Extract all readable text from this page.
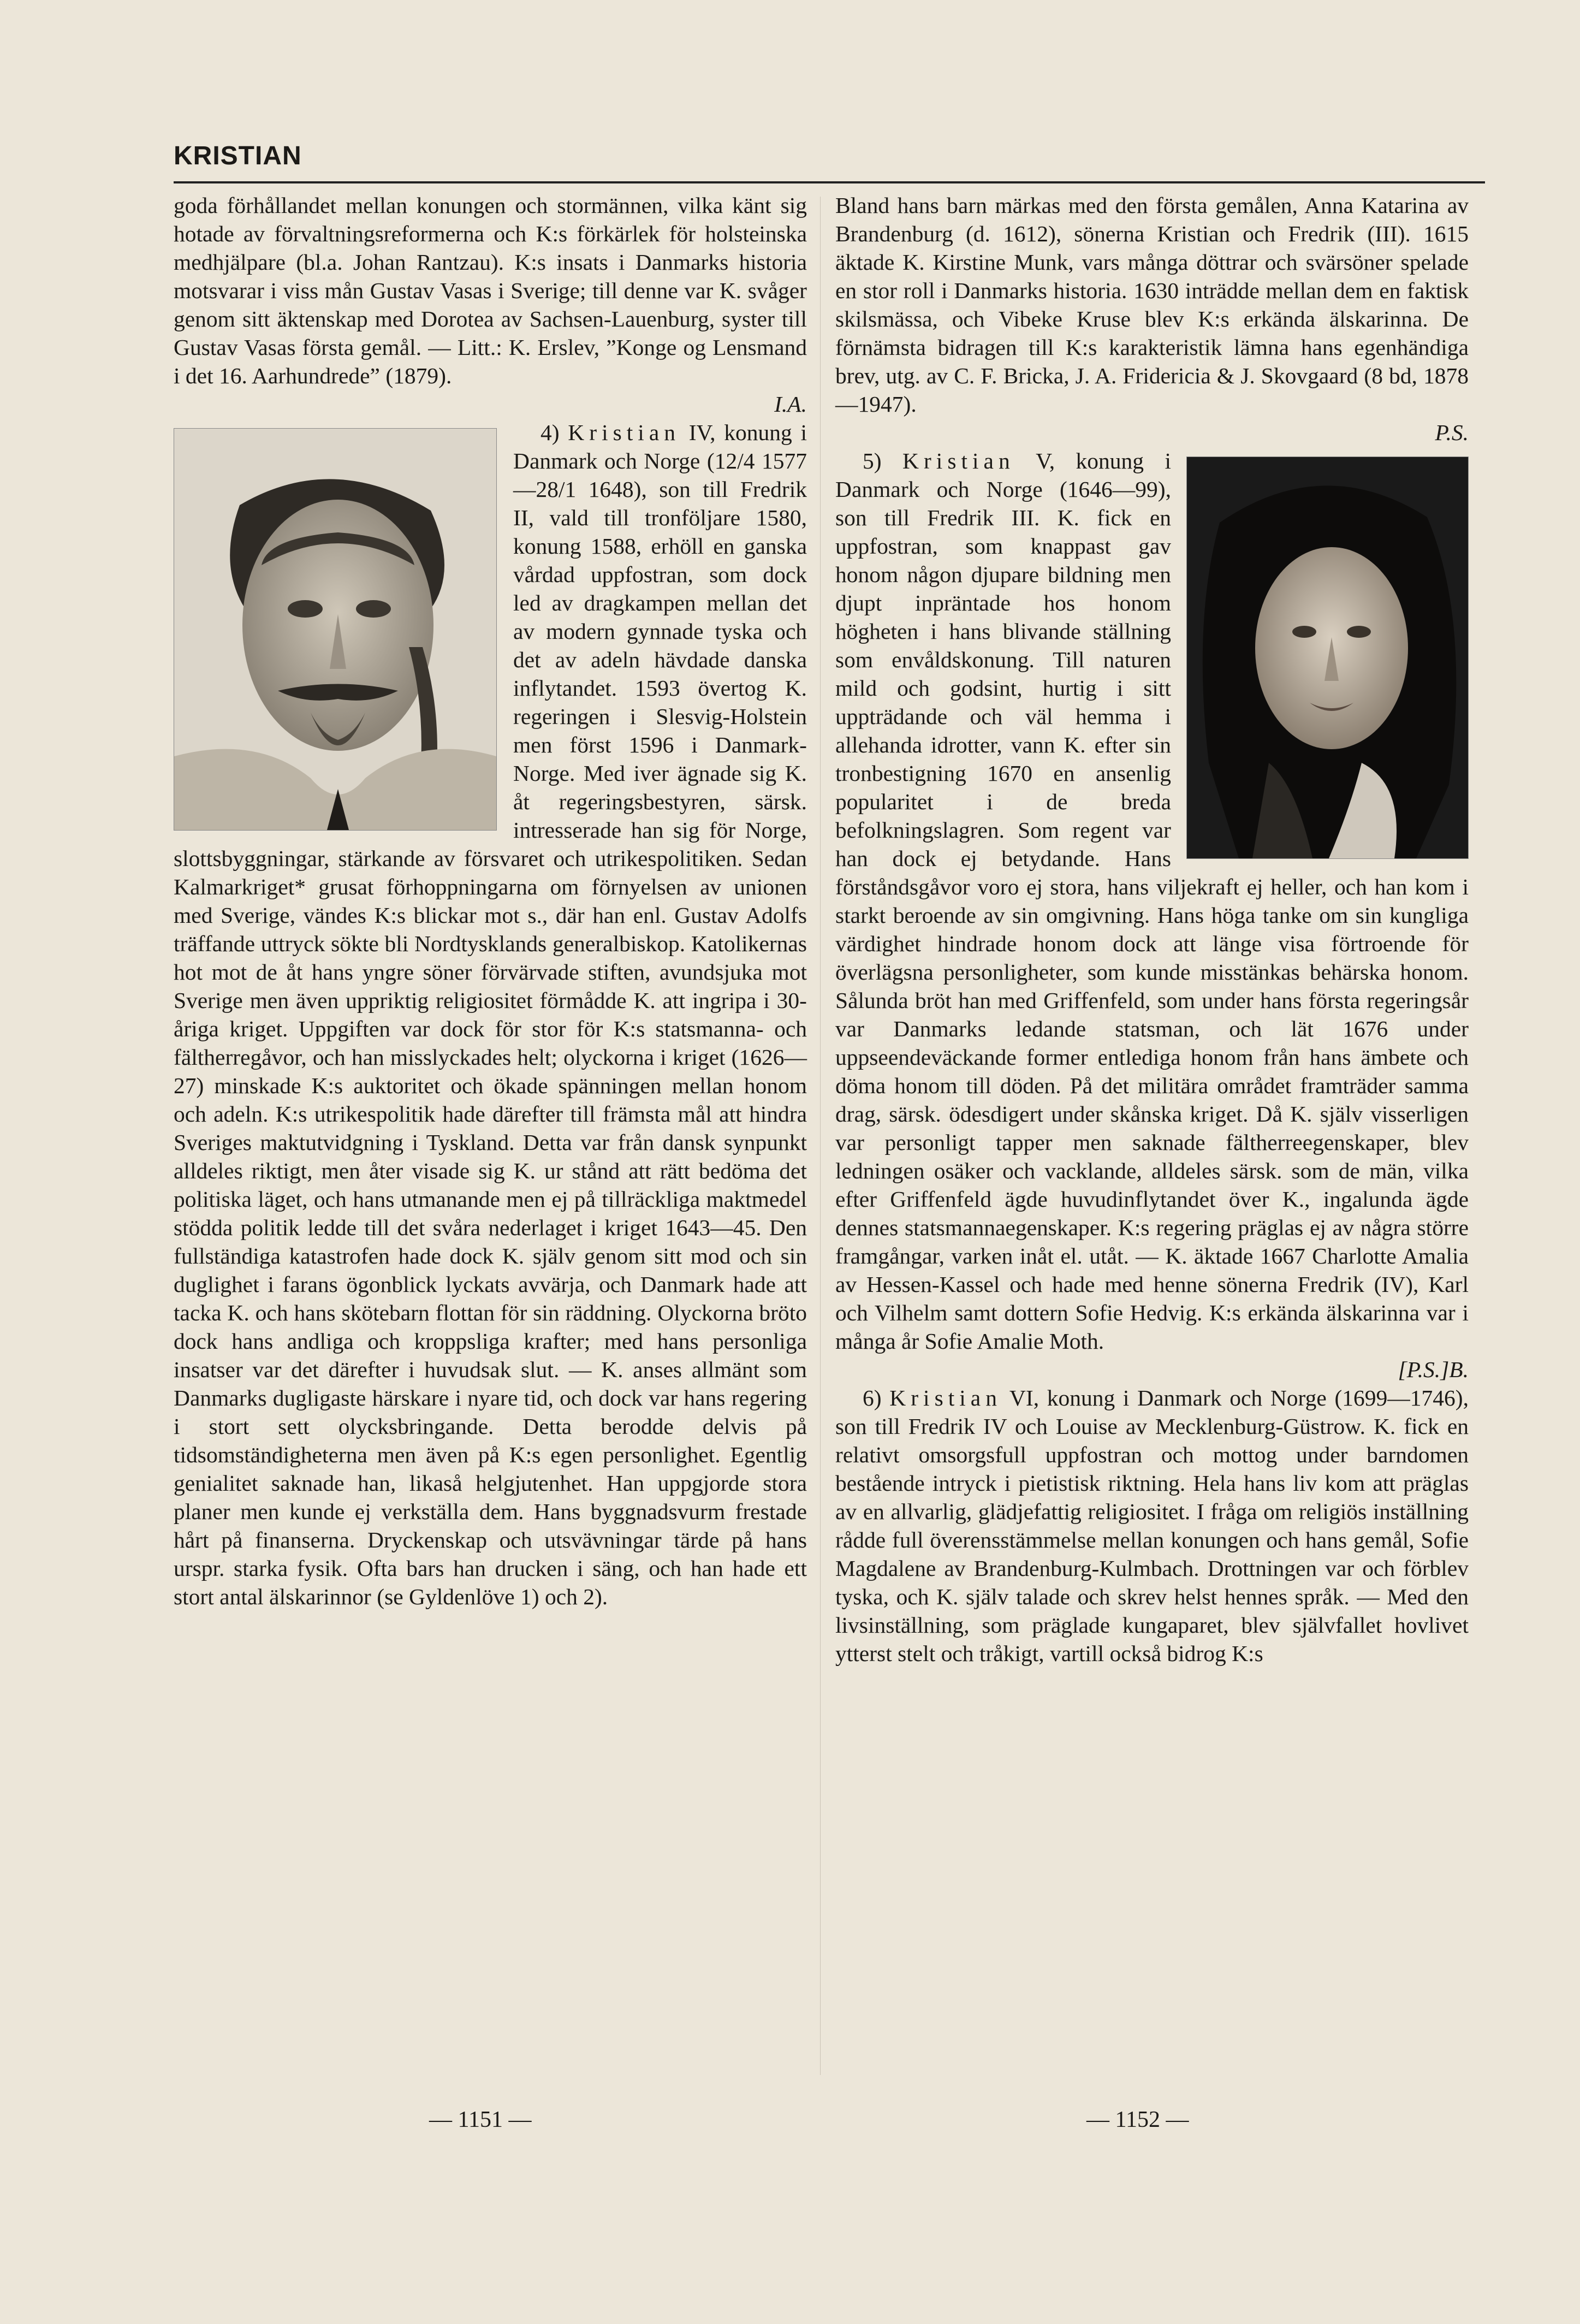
KRISTIAN

goda förhållandet mellan konungen och stormännen, vilka känt sig hotade av förvaltningsreformerna och K:s förkärlek för holsteinska medhjälpare (bl.a. Johan Rantzau). K:s insats i Danmarks historia motsvarar i viss mån Gustav Vasas i Sverige; till denne var K. svåger genom sitt äktenskap med Dorotea av Sachsen-Lauenburg, syster till Gustav Vasas första gemål. — Litt.: K. Erslev, ”Konge og Lensmand i det 16. Aarhundrede” (1879).
I.A.

4) Kristian IV, konung i Danmark och Norge (12/4 1577—28/1 1648), son till Fredrik II, vald till tronföljare 1580, konung 1588, erhöll en ganska vårdad uppfostran, som dock led av dragkampen mellan det av modern gynnade tyska och det av adeln hävdade danska inflytandet. 1593 övertog K. regeringen i Slesvig-Holstein men först 1596 i Danmark-Norge. Med iver ägnade sig K. åt regeringsbestyren, särsk. intresserade han sig för Norge, slottsbyggningar, stärkande av försvaret och utrikespolitiken. Sedan Kalmarkriget* grusat förhoppningarna om förnyelsen av unionen med Sverige, vändes K:s blickar mot s., där han enl. Gustav Adolfs träffande uttryck sökte bli Nordtysklands generalbiskop. Katolikernas hot mot de åt hans yngre söner förvärvade stiften, avundsjuka mot Sverige men även uppriktig religiositet förmådde K. att ingripa i 30-åriga kriget. Uppgiften var dock för stor för K:s statsmanna- och fältherregåvor, och han misslyckades helt; olyckorna i kriget (1626—27) minskade K:s auktoritet och ökade spänningen mellan honom och adeln. K:s utrikespolitik hade därefter till främsta mål att hindra Sveriges maktutvidgning i Tyskland. Detta var från dansk synpunkt alldeles riktigt, men åter visade sig K. ur stånd att rätt bedöma det politiska läget, och hans utmanande men ej på tillräckliga maktmedel stödda politik ledde till det svåra nederlaget i kriget 1643—45. Den fullständiga katastrofen hade dock K. själv genom sitt mod och sin duglighet i farans ögonblick lyckats avvärja, och Danmark hade att tacka K. och hans skötebarn flottan för sin räddning. Olyckorna bröto dock hans andliga och kroppsliga krafter; med hans personliga insatser var det därefter i huvudsak slut. — K. anses allmänt som Danmarks dugligaste härskare i nyare tid, och dock var hans regering i stort sett olycksbringande. Detta berodde delvis på tidsomständigheterna men även på K:s egen personlighet. Egentlig genialitet saknade han, likaså helgjutenhet. Han uppgjorde stora planer men kunde ej verkställa dem. Hans byggnadsvurm frestade hårt på finanserna. Dryckenskap och utsvävningar tärde på hans urspr. starka fysik. Ofta bars han drucken i säng, och han hade ett stort antal älskarinnor (se Gyldenlöve 1) och 2).

Bland hans barn märkas med den första gemålen, Anna Katarina av Brandenburg (d. 1612), sönerna Kristian och Fredrik (III). 1615 äktade K. Kirstine Munk, vars många döttrar och svärsöner spelade en stor roll i Danmarks historia. 1630 inträdde mellan dem en faktisk skilsmässa, och Vibeke Kruse blev K:s erkända älskarinna. De förnämsta bidragen till K:s karakteristik lämna hans egenhändiga brev, utg. av C. F. Bricka, J. A. Fridericia & J. Skovgaard (8 bd, 1878—1947).
P.S.

5) Kristian V, konung i Danmark och Norge (1646—99), son till Fredrik III. K. fick en uppfostran, som knappast gav honom någon djupare bildning men djupt inpräntade hos honom högheten i hans blivande ställning som envåldskonung. Till naturen mild och godsint, hurtig i sitt uppträdande och väl hemma i allehanda idrotter, vann K. efter sin tronbestigning 1670 en ansenlig popularitet i de breda befolkningslagren. Som regent var han dock ej betydande. Hans förståndsgåvor voro ej stora, hans viljekraft ej heller, och han kom i starkt beroende av sin omgivning. Hans höga tanke om sin kungliga värdighet hindrade honom dock att länge visa förtroende för överlägsna personligheter, som kunde misstänkas behärska honom. Sålunda bröt han med Griffenfeld, som under hans första regeringsår var Danmarks ledande statsman, och lät 1676 under uppseendeväckande former entlediga honom från hans ämbete och döma honom till döden. På det militära området framträder samma drag, särsk. ödesdigert under skånska kriget. Då K. själv visserligen var personligt tapper men saknade fältherreegenskaper, blev ledningen osäker och vacklande, alldeles särsk. som de män, vilka efter Griffenfeld ägde huvudinflytandet över K., ingalunda ägde dennes statsmannaegenskaper. K:s regering präglas ej av några större framgångar, varken inåt el. utåt. — K. äktade 1667 Charlotte Amalia av Hessen-Kassel och hade med henne sönerna Fredrik (IV), Karl och Vilhelm samt dottern Sofie Hedvig. K:s erkända älskarinna var i många år Sofie Amalie Moth.
[P.S.]B.

6) Kristian VI, konung i Danmark och Norge (1699—1746), son till Fredrik IV och Louise av Mecklenburg-Güstrow. K. fick en relativt omsorgsfull uppfostran och mottog under barndomen bestående intryck i pietistisk riktning. Hela hans liv kom att präglas av en allvarlig, glädjefattig religiositet. I fråga om religiös inställning rådde full överensstämmelse mellan konungen och hans gemål, Sofie Magdalene av Brandenburg-Kulmbach. Drottningen var och förblev tyska, och K. själv talade och skrev helst hennes språk. — Med den livsinställning, som präglade kungaparet, blev självfallet hovlivet ytterst stelt och tråkigt, vartill också bidrog K:s

— 1151 —	— 1152 —
